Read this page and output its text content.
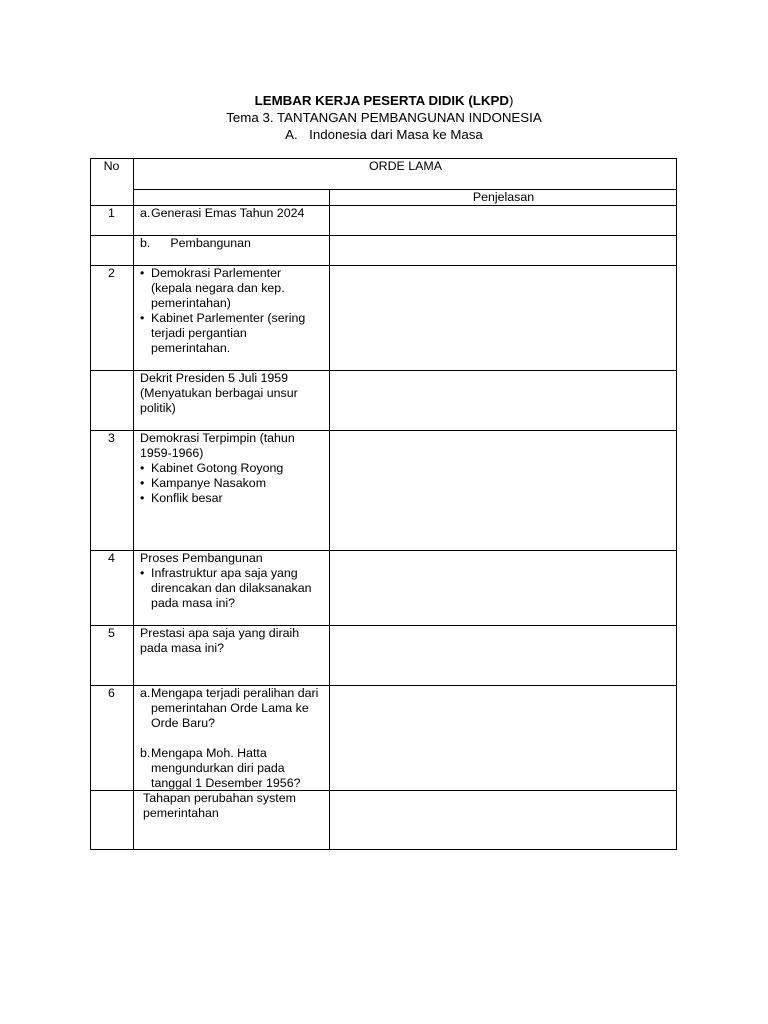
LEMBAR KERJA PESERTA DIDIK (LKPD)
Tema 3. TANTANGAN PEMBANGUNAN INDONESIA
A. Indonesia dari Masa ke Masa
No	ORDE LAMA
Penjelasan
1	a. Generasi Emas Tahun 2024
b. Pembangunan
2
•	Demokrasi Parlementer (kepala negara dan kep. pemerintahan)
• Kabinet Parlementer (sering terjadi pergantian pemerintahan.
Dekrit Presiden 5 Juli 1959 (Menyatukan berbagai unsur politik)
3	Demokrasi Terpimpin (tahun 1959-1966)
• Kabinet Gotong Royong
• Kampanye Nasakom
• Konflik besar
4	Proses Pembangunan
• Infrastruktur apa saja yang direncakan dan dilaksanakan pada masa ini?
5	Prestasi apa saja yang diraih pada masa ini?
6	a. Mengapa terjadi peralihan dari pemerintahan Orde Lama ke Orde Baru?
b. Mengapa Moh. Hatta mengundurkan diri pada tanggal 1 Desember 1956?
Tahapan perubahan system pemerintahan
